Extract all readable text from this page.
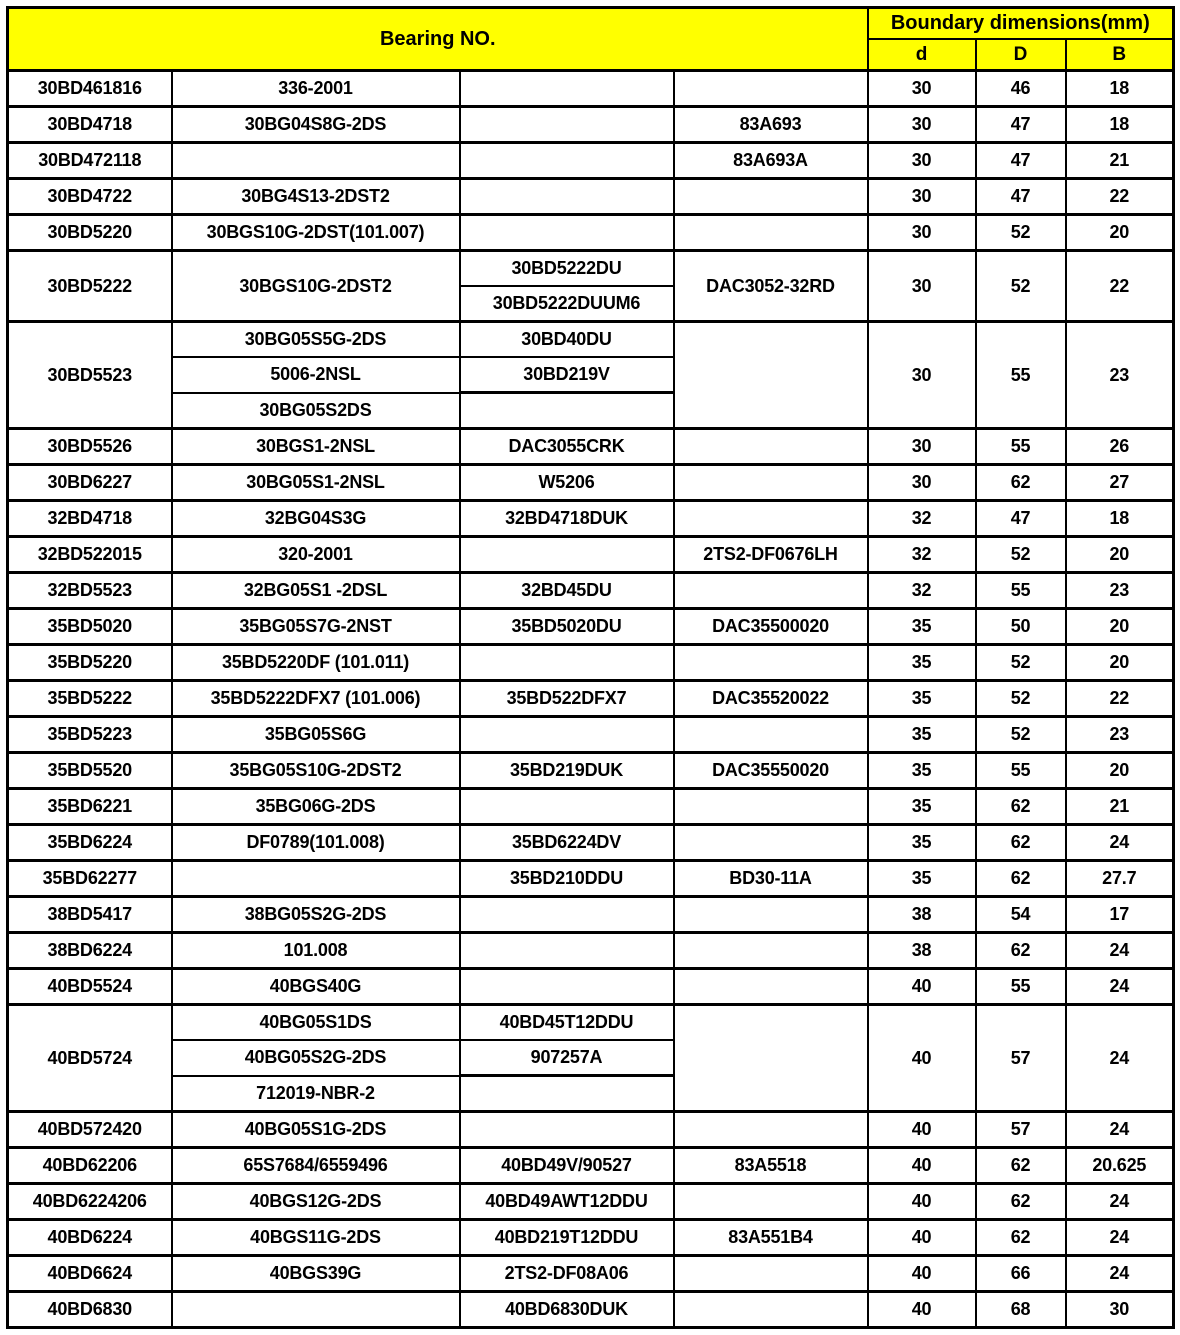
Bearing NO.				Boundary dimensions(mm)		
				d	D	B
30BD461816	336-2001			30	46	18
30BD4718	30BG04S8G-2DS		83A693	30	47	18
30BD472118			83A693A	30	47	21
30BD4722	30BG4S13-2DST2			30	47	22
30BD5220	30BGS10G-2DST(101.007)			30	52	20
30BD5222	30BGS10G-2DST2	30BD5222DU	DAC3052-32RD	30	52	22
		30BD5222DUUM6				
30BD5523	30BG05S5G-2DS	30BD40DU		30	55	23
	5006-2NSL	30BD219V				
	30BG05S2DS					
30BD5526	30BGS1-2NSL	DAC3055CRK		30	55	26
30BD6227	30BG05S1-2NSL	W5206		30	62	27
32BD4718	32BG04S3G	32BD4718DUK		32	47	18
32BD522015	320-2001		2TS2-DF0676LH	32	52	20
32BD5523	32BG05S1 -2DSL	32BD45DU		32	55	23
35BD5020	35BG05S7G-2NST	35BD5020DU	DAC35500020	35	50	20
35BD5220	35BD5220DF (101.011)			35	52	20
35BD5222	35BD5222DFX7 (101.006)	35BD522DFX7	DAC35520022	35	52	22
35BD5223	35BG05S6G			35	52	23
35BD5520	35BG05S10G-2DST2	35BD219DUK	DAC35550020	35	55	20
35BD6221	35BG06G-2DS			35	62	21
35BD6224	DF0789(101.008)	35BD6224DV		35	62	24
35BD62277		35BD210DDU	BD30-11A	35	62	27.7
38BD5417	38BG05S2G-2DS			38	54	17
38BD6224	101.008			38	62	24
40BD5524	40BGS40G			40	55	24
40BD5724	40BG05S1DS	40BD45T12DDU		40	57	24
	40BG05S2G-2DS	907257A				
	712019-NBR-2					
40BD572420	40BG05S1G-2DS			40	57	24
40BD62206	65S7684/6559496	40BD49V/90527	83A5518	40	62	20.625
40BD6224206	40BGS12G-2DS	40BD49AWT12DDU		40	62	24
40BD6224	40BGS11G-2DS	40BD219T12DDU	83A551B4	40	62	24
40BD6624	40BGS39G	2TS2-DF08A06		40	66	24
40BD6830		40BD6830DUK		40	68	30
